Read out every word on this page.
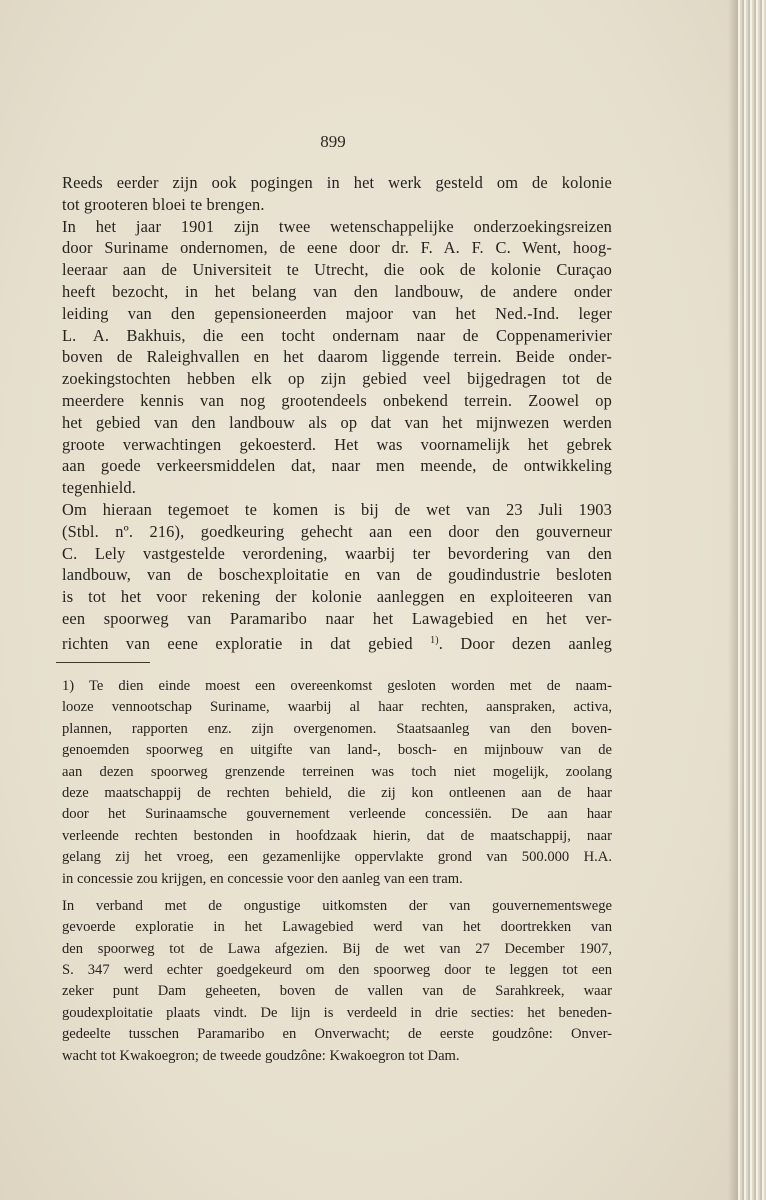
899
Reeds eerder zijn ook pogingen in het werk gesteld om de kolonie
tot grooteren bloei te brengen.
In het jaar 1901 zijn twee wetenschappelijke onderzoekingsreizen
door Suriname ondernomen, de eene door dr. F. A. F. C. Went, hoog-
leeraar aan de Universiteit te Utrecht, die ook de kolonie Curaçao
heeft bezocht, in het belang van den landbouw, de andere onder
leiding van den gepensioneerden majoor van het Ned.-Ind. leger
L. A. Bakhuis, die een tocht ondernam naar de Coppenamerivier
boven de Raleighvallen en het daarom liggende terrein. Beide onder-
zoekingstochten hebben elk op zijn gebied veel bijgedragen tot de
meerdere kennis van nog grootendeels onbekend terrein. Zoowel op
het gebied van den landbouw als op dat van het mijnwezen werden
groote verwachtingen gekoesterd. Het was voornamelijk het gebrek
aan goede verkeersmiddelen dat, naar men meende, de ontwikkeling
tegenhield.
Om hieraan tegemoet te komen is bij de wet van 23 Juli 1903
(Stbl. nº. 216), goedkeuring gehecht aan een door den gouverneur
C. Lely vastgestelde verordening, waarbij ter bevordering van den
landbouw, van de boschexploitatie en van de goudindustrie besloten
is tot het voor rekening der kolonie aanleggen en exploiteeren van
een spoorweg van Paramaribo naar het Lawagebied en het ver-
richten van eene exploratie in dat gebied $^{1)}$. Door dezen aanleg
1) Te dien einde moest een overeenkomst gesloten worden met de naam-
looze vennootschap Suriname, waarbij al haar rechten, aanspraken, activa,
plannen, rapporten enz. zijn overgenomen. Staatsaanleg van den boven-
genoemden spoorweg en uitgifte van land-, bosch- en mijnbouw van de
aan dezen spoorweg grenzende terreinen was toch niet mogelijk, zoolang
deze maatschappij de rechten behield, die zij kon ontleenen aan de haar
door het Surinaamsche gouvernement verleende concessiën. De aan haar
verleende rechten bestonden in hoofdzaak hierin, dat de maatschappij, naar
gelang zij het vroeg, een gezamenlijke oppervlakte grond van 500.000 H.A.
in concessie zou krijgen, en concessie voor den aanleg van een tram.
In verband met de ongustige uitkomsten der van gouvernementswege
gevoerde exploratie in het Lawagebied werd van het doortrekken van
den spoorweg tot de Lawa afgezien. Bij de wet van 27 December 1907,
S. 347 werd echter goedgekeurd om den spoorweg door te leggen tot een
zeker punt Dam geheeten, boven de vallen van de Sarahkreek, waar
goudexploitatie plaats vindt. De lijn is verdeeld in drie secties: het beneden-
gedeelte tusschen Paramaribo en Onverwacht; de eerste goudzône: Onver-
wacht tot Kwakoegron; de tweede goudzône: Kwakoegron tot Dam.
